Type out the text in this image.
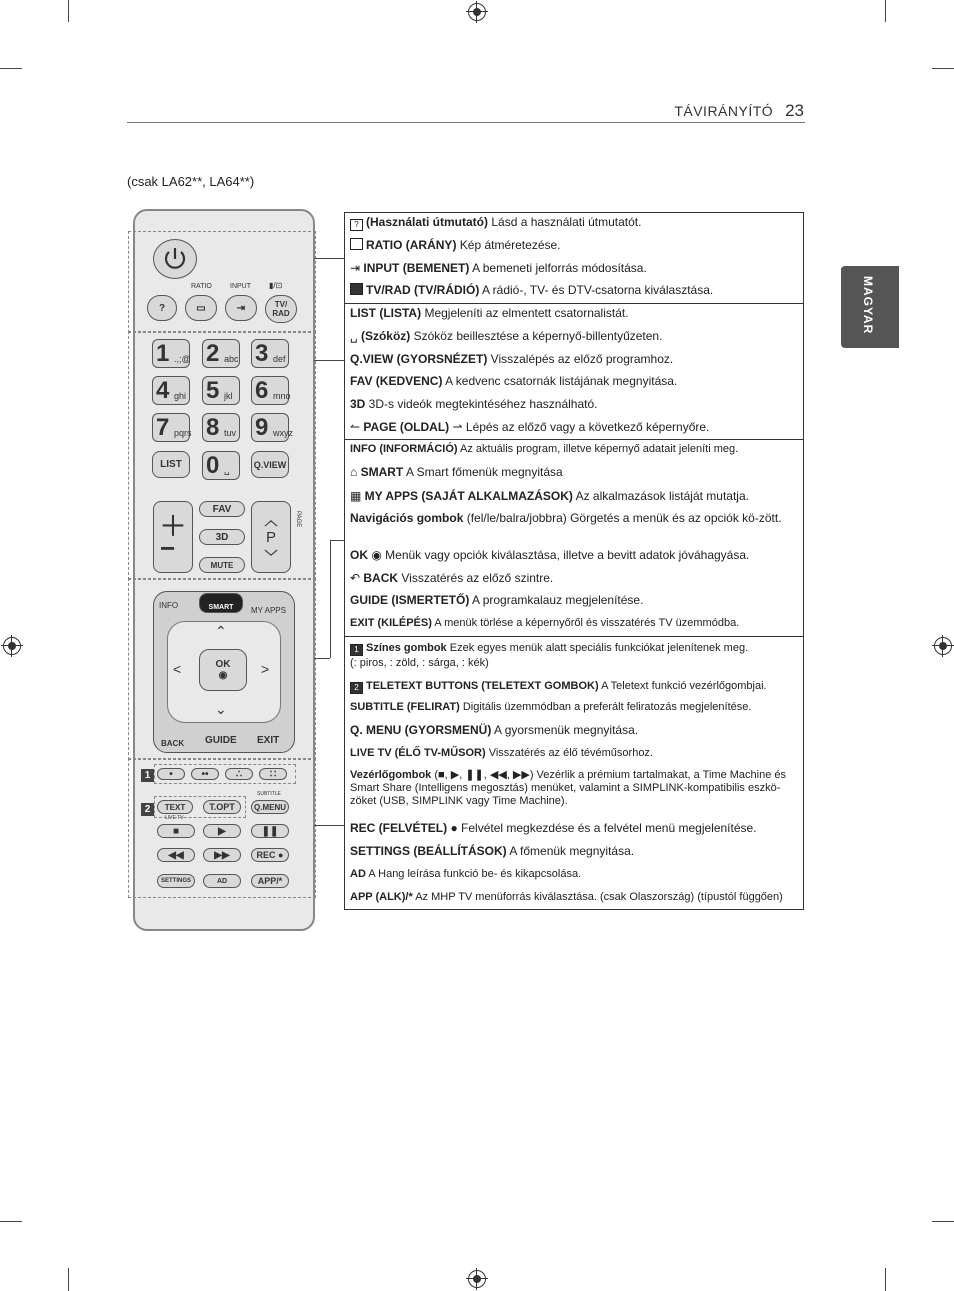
TÁVIRÁNYÍTÓ 23
MAGYAR
(csak LA62**, LA64**)
RATIO	INPUT ▮/⊡
?	▭	⇥	TV/
RAD
1 .,;@ 2 abc 3 def
4 ghi 5 jkl 6 mno
7 pqrs 8 tuv 9 wxyz
LIST	0 ␣
Q.VIEW
＋
−
FAV
3D
MUTE
︿
P
﹀
PAGE
INFO	SMART	MY APPS
⌃
⌄
<	>
OK
◉
BACK GUIDE EXIT
•	••	∴	∷
SUBTITLE
TEXT	T.OPT	Q.MENU
LIVE TV
■	▶	❚❚
◀◀	▶▶	REC ●
SETTINGS	AD	APP/*
1
2
? (Használati útmutató) Lásd a használati útmutatót.
RATIO (ARÁNY) Kép átméretezése.
⇥ INPUT (BEMENET) A bemeneti jelforrás módosítása.
TV/RAD (TV/RÁDIÓ) A rádió-, TV- és DTV-csatorna kiválasztása.
LIST (LISTA) Megjeleníti az elmentett csatornalistát.
␣ (Szóköz) Szóköz beillesztése a képernyő-billentyűzeten.
Q.VIEW (GYORSNÉZET) Visszalépés az előző programhoz.
FAV (KEDVENC) A kedvenc csatornák listájának megnyitása.
3D 3D-s videók megtekintéséhez használható.
↼ PAGE (OLDAL) ⇀ Lépés az előző vagy a következő képernyőre.
INFO (INFORMÁCIÓ) Az aktuális program, illetve képernyő adatait jeleníti meg.
⌂ SMART A Smart főmenük megnyitása
▦ MY APPS (SAJÁT ALKALMAZÁSOK) Az alkalmazások listáját mutatja.
Navigációs gombok (fel/le/balra/jobbra) Görgetés a menük és az opciók kö-zött.
OK ◉ Menük vagy opciók kiválasztása, illetve a bevitt adatok jóváhagyása.
↶ BACK Visszatérés az előző szintre.
GUIDE (ISMERTETŐ) A programkalauz megjelenítése.
EXIT (KILÉPÉS) A menük törlése a képernyőről és visszatérés TV üzemmódba.
1 Színes gombok Ezek egyes menük alatt speciális funkciókat jelenítenek meg.
(: piros, : zöld, : sárga, : kék)
2 TELETEXT BUTTONS (TELETEXT GOMBOK) A Teletext funkció vezérlőgombjai.
SUBTITLE (FELIRAT) Digitális üzemmódban a preferált feliratozás megjelenítése.
Q. MENU (GYORSMENÜ) A gyorsmenük megnyitása.
LIVE TV (ÉLŐ TV-MŰSOR) Visszatérés az élő tévéműsorhoz.
Vezérlőgombok (■, ▶, ❚❚, ◀◀, ▶▶) Vezérlik a prémium tartalmakat, a Time Machine és Smart Share (Intelligens megosztás) menüket, valamint a SIMPLINK-kompatibilis eszkö-zöket (USB, SIMPLINK vagy Time Machine).
REC (FELVÉTEL) ● Felvétel megkezdése és a felvétel menü megjelenítése.
SETTINGS (BEÁLLÍTÁSOK) A főmenük megnyitása.
AD A Hang leírása funkció be- és kikapcsolása.
APP (ALK)/* Az MHP TV menüforrás kiválasztása. (csak Olaszország) (típustól függően)
